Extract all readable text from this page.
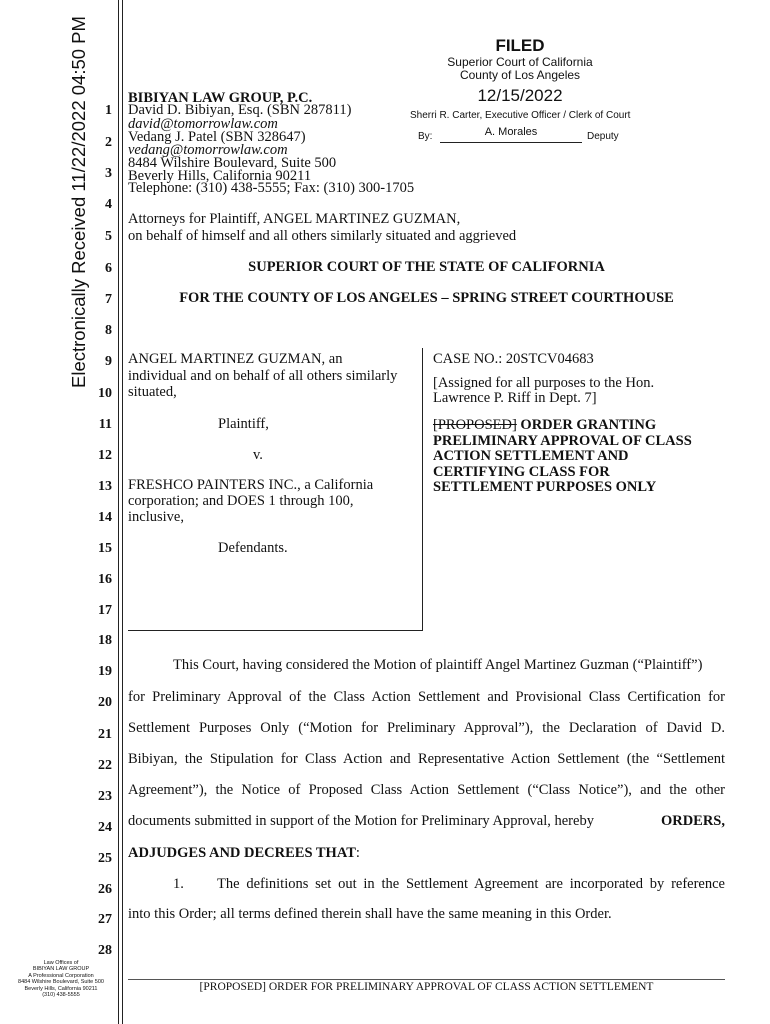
Electronically Received 11/22/2022 04:50 PM	FILED
Superior Court of California
County of Los Angeles
12/15/2022
Sherri R. Carter, Executive Officer / Clerk of Court
By:	A. Morales	Deputy
1
2
3
4
5
6
7
8
9
10
11
12
13
14
15
16
17
18
19
20
21
22
23
24
25
26
27
28
BIBIYAN LAW GROUP, P.C.
David D. Bibiyan, Esq. (SBN 287811)
david@tomorrowlaw.com
Vedang J. Patel (SBN 328647)
vedang@tomorrowlaw.com
8484 Wilshire Boulevard, Suite 500
Beverly Hills, California 90211
Telephone: (310) 438-5555; Fax: (310) 300-1705
Attorneys for Plaintiff, ANGEL MARTINEZ GUZMAN,
on behalf of himself and all others similarly situated and aggrieved
SUPERIOR COURT OF THE STATE OF CALIFORNIA
FOR THE COUNTY OF LOS ANGELES – SPRING STREET COURTHOUSE
ANGEL MARTINEZ GUZMAN, an
individual and on behalf of all others similarly
situated,
Plaintiff,
v.
FRESHCO PAINTERS INC., a California
corporation; and DOES 1 through 100,
inclusive,
Defendants.
CASE NO.: 20STCV04683
[Assigned for all purposes to the Hon.
Lawrence P. Riff in Dept. 7]
[PROPOSED] ORDER GRANTING
PRELIMINARY APPROVAL OF CLASS
ACTION SETTLEMENT AND
CERTIFYING CLASS FOR
SETTLEMENT PURPOSES ONLY
This Court, having considered the Motion of plaintiff Angel Martinez Guzman (“Plaintiff”)
for Preliminary Approval of the Class Action Settlement and Provisional Class Certification for
Settlement Purposes Only (“Motion for Preliminary Approval”), the Declaration of David D.
Bibiyan, the Stipulation for Class Action and Representative Action Settlement (the “Settlement
Agreement”), the Notice of Proposed Class Action Settlement (“Class Notice”), and the other
documents submitted in support of the Motion for Preliminary Approval, hereby	ORDERS,
ADJUDGES AND DECREES THAT:
1. The definitions set out in the Settlement Agreement are incorporated by reference
into this Order; all terms defined therein shall have the same meaning in this Order.
Law Offices of
BIBIYAN LAW GROUP
A Professional Corporation
8484 Wilshire Boulevard, Suite 500
Beverly Hills, California 90211
(310) 438-5555
[PROPOSED] ORDER FOR PRELIMINARY APPROVAL OF CLASS ACTION SETTLEMENT
